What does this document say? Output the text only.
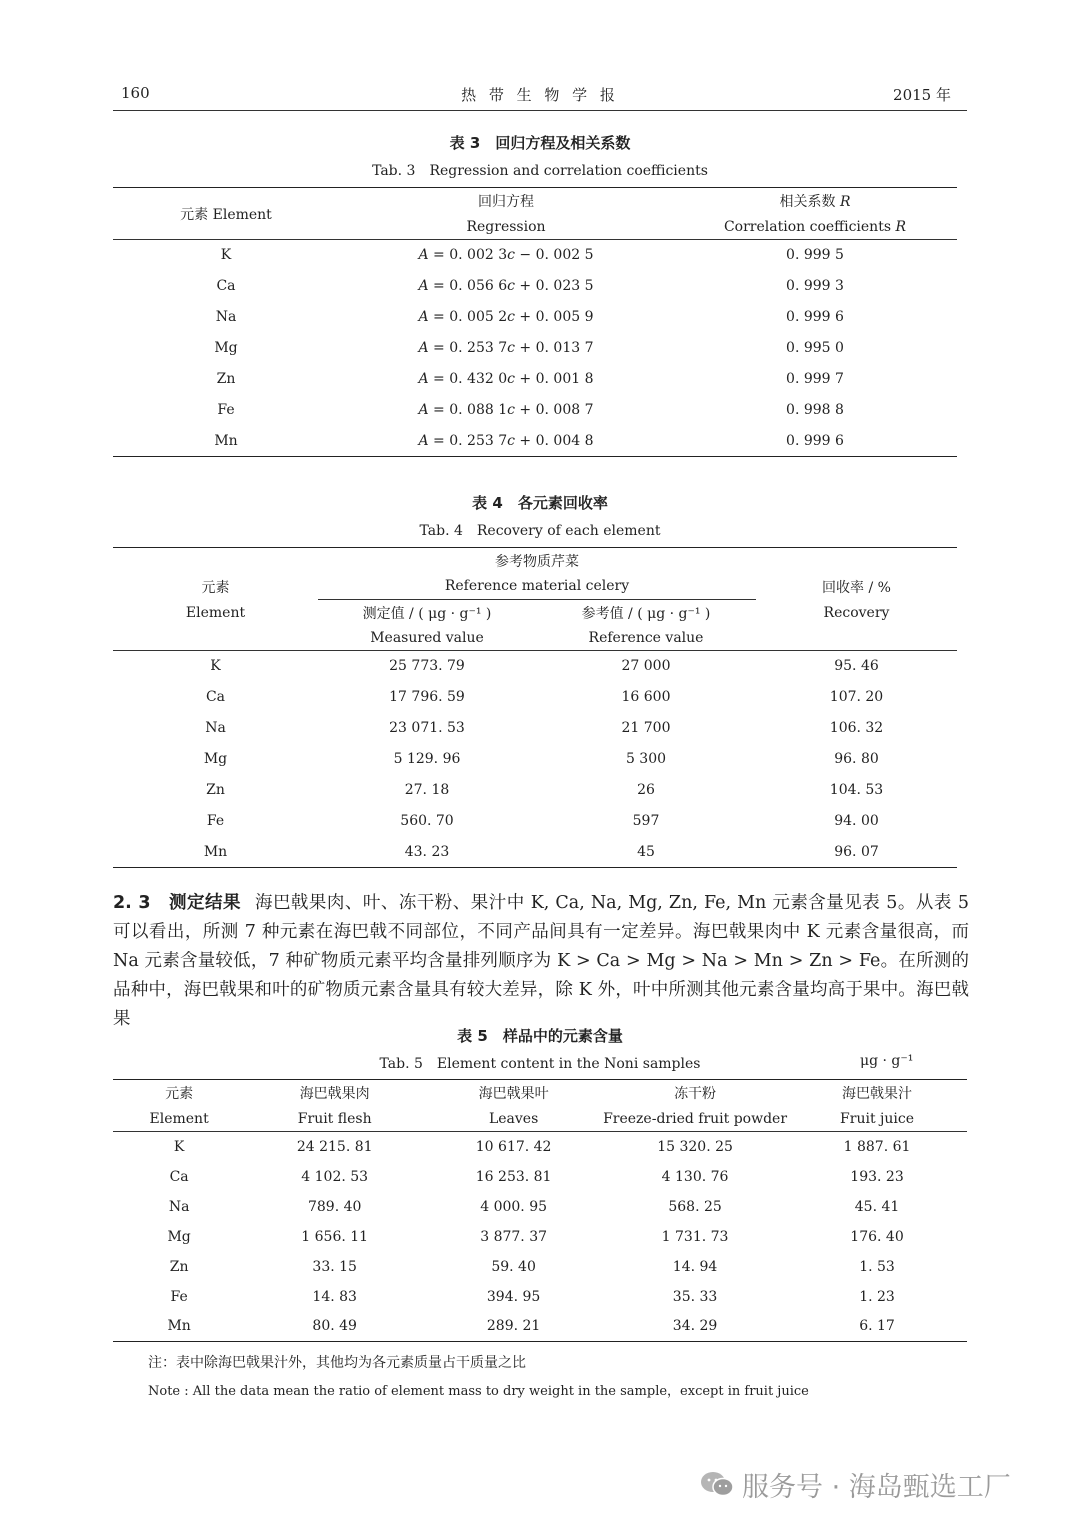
160	热 带 生 物 学 报	2015 年
表 3　回归方程及相关系数
Tab. 3　Regression and correlation coefficients
元素 Element	回归方程	相关系数 R
	Regression	Correlation coefficients R
K	A = 0. 002 3c − 0. 002 5	0. 999 5
Ca	A = 0. 056 6c + 0. 023 5	0. 999 3
Na	A = 0. 005 2c + 0. 005 9	0. 999 6
Mg	A = 0. 253 7c + 0. 013 7	0. 995 0
Zn	A = 0. 432 0c + 0. 001 8	0. 999 7
Fe	A = 0. 088 1c + 0. 008 7	0. 998 8
Mn	A = 0. 253 7c + 0. 004 8	0. 999 6
表 4　各元素回收率
Tab. 4　Recovery of each element
	参考物质芹菜		
元素	Reference material celery		回收率 / %
Element	测定值 / ( μg · g⁻¹ )	参考值 / ( μg · g⁻¹ )	Recovery
	Measured value	Reference value	
K	25 773. 79	27 000	95. 46
Ca	17 796. 59	16 600	107. 20
Na	23 071. 53	21 700	106. 32
Mg	5 129. 96	5 300	96. 80
Zn	27. 18	26	104. 53
Fe	560. 70	597	94. 00
Mn	43. 23	45	96. 07
2. 3　测定结果 海巴戟果肉、叶、冻干粉、果汁中 K, Ca, Na, Mg, Zn, Fe, Mn 元素含量见表 5。从表 5 可以看出，所测 7 种元素在海巴戟不同部位，不同产品间具有一定差异。海巴戟果肉中 K 元素含量很高，而 Na 元素含量较低，7 种矿物质元素平均含量排列顺序为 K > Ca > Mg > Na > Mn > Zn > Fe。在所测的品种中，海巴戟果和叶的矿物质元素含量具有较大差异，除 K 外，叶中所测其他元素含量均高于果中。海巴戟果
表 5　样品中的元素含量
Tab. 5　Element content in the Noni samples	μg · g⁻¹
元素	海巴戟果肉	海巴戟果叶	冻干粉	海巴戟果汁
Element	Fruit flesh	Leaves	Freeze-dried fruit powder	Fruit juice
K	24 215. 81	10 617. 42	15 320. 25	1 887. 61
Ca	4 102. 53	16 253. 81	4 130. 76	193. 23
Na	789. 40	4 000. 95	568. 25	45. 41
Mg	1 656. 11	3 877. 37	1 731. 73	176. 40
Zn	33. 15	59. 40	14. 94	1. 53
Fe	14. 83	394. 95	35. 33	1. 23
Mn	80. 49	289. 21	34. 29	6. 17
注：表中除海巴戟果汁外，其他均为各元素质量占干质量之比
Note : All the data mean the ratio of element mass to dry weight in the sample，except in fruit juice
服务号 · 海岛甄选工厂
